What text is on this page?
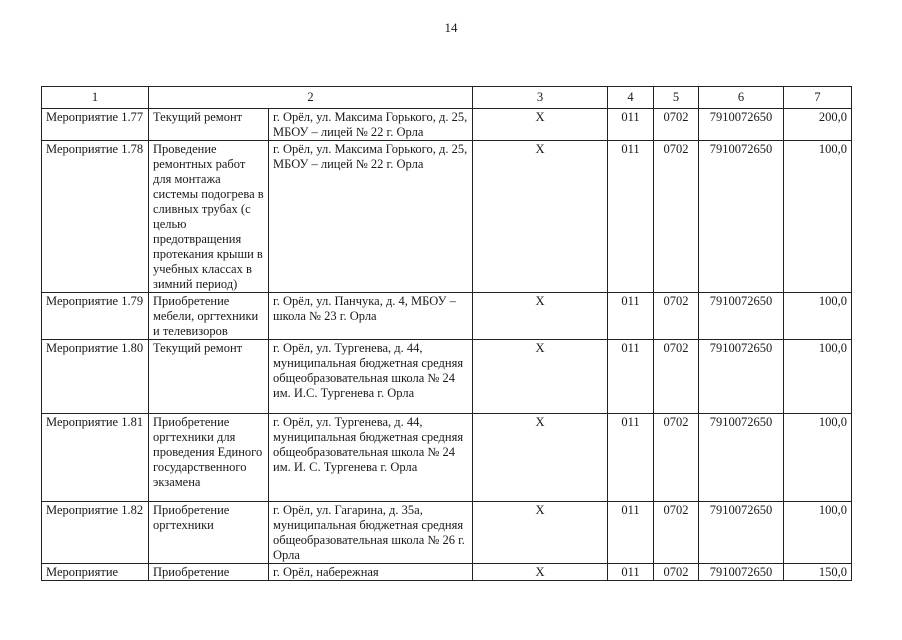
14
1	2		3	4	5	6	7
Мероприятие 1.77	Текущий ремонт	г. Орёл, ул. Максима Горького, д. 25, МБОУ – лицей № 22 г. Орла	X	011	0702	7910072650	200,0
Мероприятие 1.78	Проведение ремонтных работ для монтажа системы подогрева в сливных трубах (с целью предотвращения протекания крыши в учебных классах в зимний период)	г. Орёл, ул. Максима Горького, д. 25, МБОУ – лицей № 22 г. Орла	X	011	0702	7910072650	100,0
Мероприятие 1.79	Приобретение мебели, оргтехники и телевизоров	г. Орёл, ул. Панчука, д. 4, МБОУ – школа № 23 г. Орла	X	011	0702	7910072650	100,0
Мероприятие 1.80	Текущий ремонт	г. Орёл, ул. Тургенева, д. 44, муниципальная бюджетная средняя общеобразовательная школа № 24 им. И.С. Тургенева г. Орла	X	011	0702	7910072650	100,0
Мероприятие 1.81	Приобретение оргтехники для проведения Единого государственного экзамена	г. Орёл, ул. Тургенева, д. 44, муниципальная бюджетная средняя общеобразовательная школа № 24 им. И. С. Тургенева г. Орла	X	011	0702	7910072650	100,0
Мероприятие 1.82	Приобретение оргтехники	г. Орёл, ул. Гагарина, д. 35а, муниципальная бюджетная средняя общеобразовательная школа № 26 г. Орла	X	011	0702	7910072650	100,0
Мероприятие	Приобретение	г. Орёл, набережная	X	011	0702	7910072650	150,0
